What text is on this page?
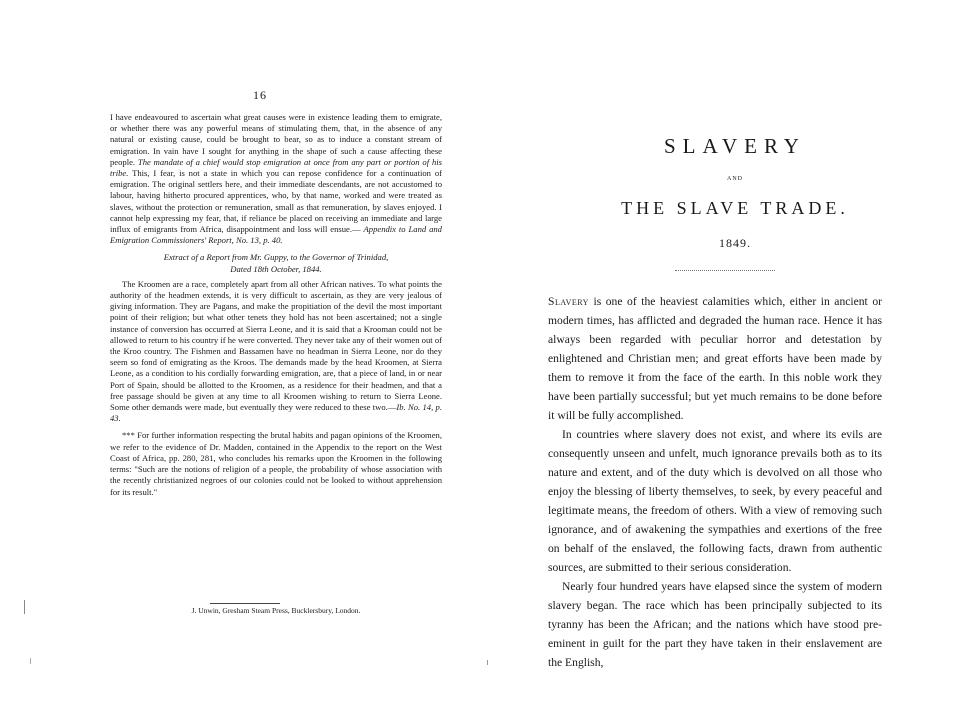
16

I have endeavoured to ascertain what great causes were in existence leading them to emigrate, or whether there was any powerful means of stimulating them, that, in the absence of any natural or existing cause, could be brought to bear, so as to induce a constant stream of emigration. In vain have I sought for anything in the shape of such a cause affecting these people. The mandate of a chief would stop emigration at once from any part or portion of his tribe. This, I fear, is not a state in which you can repose confidence for a continuation of emigration. The original settlers here, and their immediate descendants, are not accustomed to labour, having hitherto procured apprentices, who, by that name, worked and were treated as slaves, without the protection or remuneration, small as that remuneration, by slaves enjoyed. I cannot help expressing my fear, that, if reliance be placed on receiving an immediate and large influx of emigrants from Africa, disappointment and loss will ensue.— Appendix to Land and Emigration Commissioners' Report, No. 13, p. 40.

Extract of a Report from Mr. Guppy, to the Governor of Trinidad,
Dated 18th October, 1844.

The Kroomen are a race, completely apart from all other African natives. To what points the authority of the headmen extends, it is very difficult to ascertain, as they are very jealous of giving information. They are Pagans, and make the propitiation of the devil the most important point of their religion; but what other tenets they hold has not been ascertained; not a single instance of conversion has occurred at Sierra Leone, and it is said that a Krooman could not be allowed to return to his country if he were converted. They never take any of their women out of the Kroo country. The Fishmen and Bassamen have no headman in Sierra Leone, nor do they seem so fond of emigrating as the Kroos. The demands made by the head Kroomen, at Sierra Leone, as a condition to his cordially forwarding emigration, are, that a piece of land, in or near Port of Spain, should be allotted to the Kroomen, as a residence for their headmen, and that a free passage should be given at any time to all Kroomen wishing to return to Sierra Leone. Some other demands were made, but eventually they were reduced to these two.—Ib. No. 14, p. 43.

*** For further information respecting the brutal habits and pagan opinions of the Kroomen, we refer to the evidence of Dr. Madden, contained in the Appendix to the report on the West Coast of Africa, pp. 280, 281, who concludes his remarks upon the Kroomen in the following terms: "Such are the notions of religion of a people, the probability of whose association with the recently christianized negroes of our colonies could not be looked to without apprehension for its result."

J. Unwin, Gresham Steam Press, Bucklersbury, London.
SLAVERY
AND
THE SLAVE TRADE.
1849.

Slavery is one of the heaviest calamities which, either in ancient or modern times, has afflicted and degraded the human race. Hence it has always been regarded with peculiar horror and detestation by enlightened and Christian men; and great efforts have been made by them to remove it from the face of the earth. In this noble work they have been partially successful; but yet much remains to be done before it will be fully accomplished.

In countries where slavery does not exist, and where its evils are consequently unseen and unfelt, much ignorance prevails both as to its nature and extent, and of the duty which is devolved on all those who enjoy the blessing of liberty themselves, to seek, by every peaceful and legitimate means, the freedom of others. With a view of removing such ignorance, and of awakening the sympathies and exertions of the free on behalf of the enslaved, the following facts, drawn from authentic sources, are submitted to their serious consideration.

Nearly four hundred years have elapsed since the system of modern slavery began. The race which has been principally subjected to its tyranny has been the African; and the nations which have stood pre-eminent in guilt for the part they have taken in their enslavement are the English,
